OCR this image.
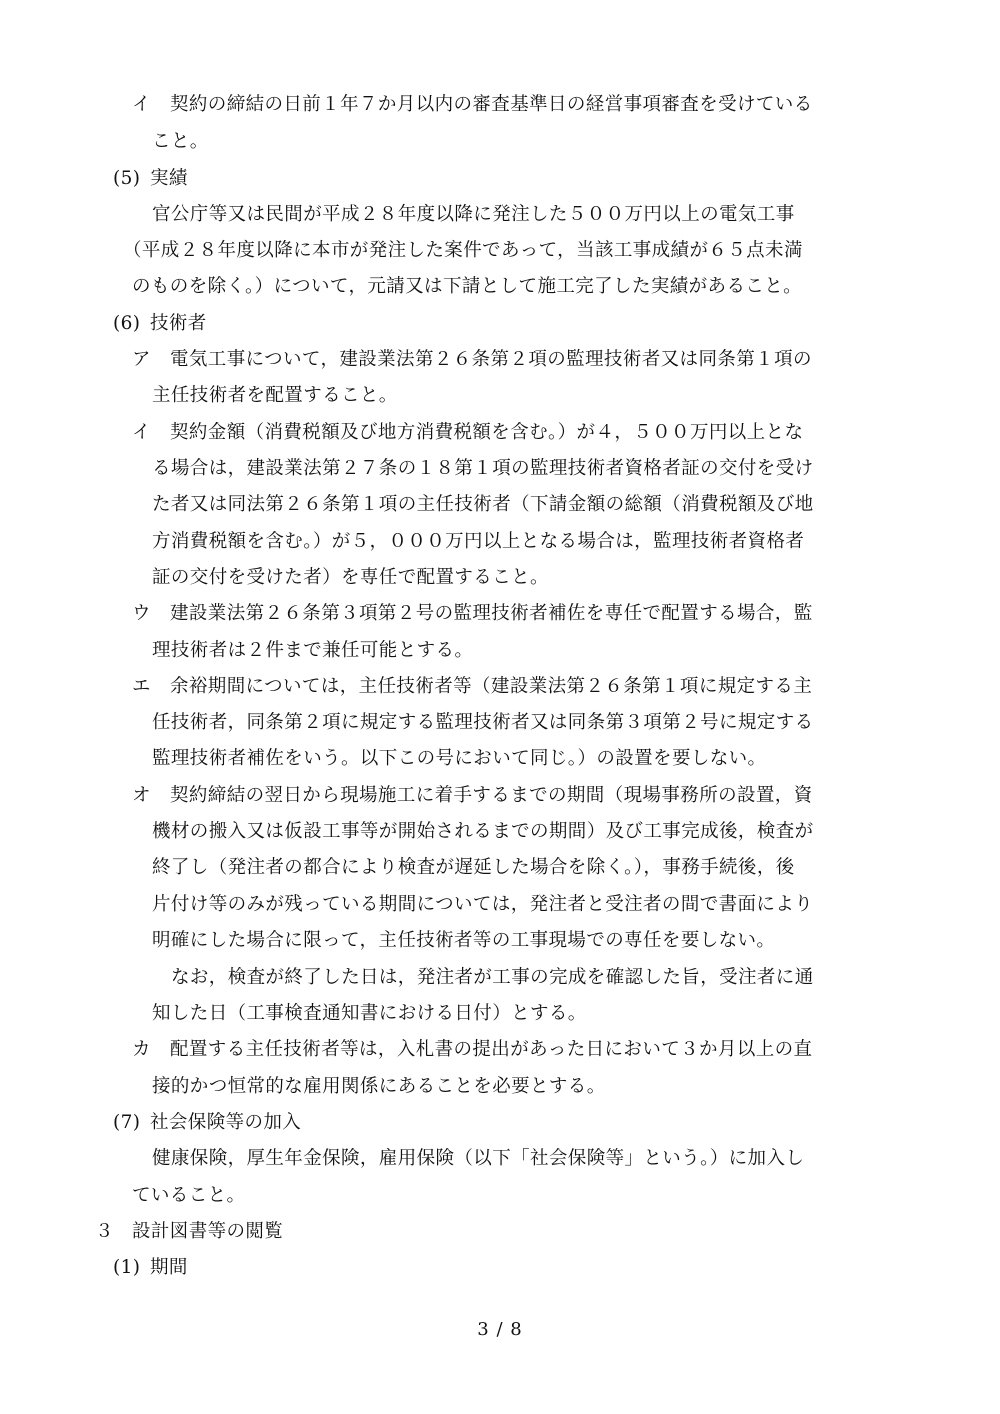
イ 契約の締結の日前１年７か月以内の審査基準日の経営事項審査を受けている
こと。
(5) 実績
官公庁等又は民間が平成２８年度以降に発注した５００万円以上の電気工事
（平成２８年度以降に本市が発注した案件であって，当該工事成績が６５点未満
のものを除く。）について，元請又は下請として施工完了した実績があること。
(6) 技術者
ア 電気工事について，建設業法第２６条第２項の監理技術者又は同条第１項の
主任技術者を配置すること。
イ 契約金額（消費税額及び地方消費税額を含む。）が４，５００万円以上とな
る場合は，建設業法第２７条の１８第１項の監理技術者資格者証の交付を受け
た者又は同法第２６条第１項の主任技術者（下請金額の総額（消費税額及び地
方消費税額を含む。）が５，０００万円以上となる場合は，監理技術者資格者
証の交付を受けた者）を専任で配置すること。
ウ 建設業法第２６条第３項第２号の監理技術者補佐を専任で配置する場合，監
理技術者は２件まで兼任可能とする。
エ 余裕期間については，主任技術者等（建設業法第２６条第１項に規定する主
任技術者，同条第２項に規定する監理技術者又は同条第３項第２号に規定する
監理技術者補佐をいう。以下この号において同じ。）の設置を要しない。
オ 契約締結の翌日から現場施工に着手するまでの期間（現場事務所の設置，資
機材の搬入又は仮設工事等が開始されるまでの期間）及び工事完成後，検査が
終了し（発注者の都合により検査が遅延した場合を除く。），事務手続後，後
片付け等のみが残っている期間については，発注者と受注者の間で書面により
明確にした場合に限って，主任技術者等の工事現場での専任を要しない。
なお，検査が終了した日は，発注者が工事の完成を確認した旨，受注者に通
知した日（工事検査通知書における日付）とする。
カ 配置する主任技術者等は，入札書の提出があった日において３か月以上の直
接的かつ恒常的な雇用関係にあることを必要とする。
(7) 社会保険等の加入
健康保険，厚生年金保険，雇用保険（以下「社会保険等」という。）に加入し
ていること。
３ 設計図書等の閲覧
(1) 期間
3 / 8
